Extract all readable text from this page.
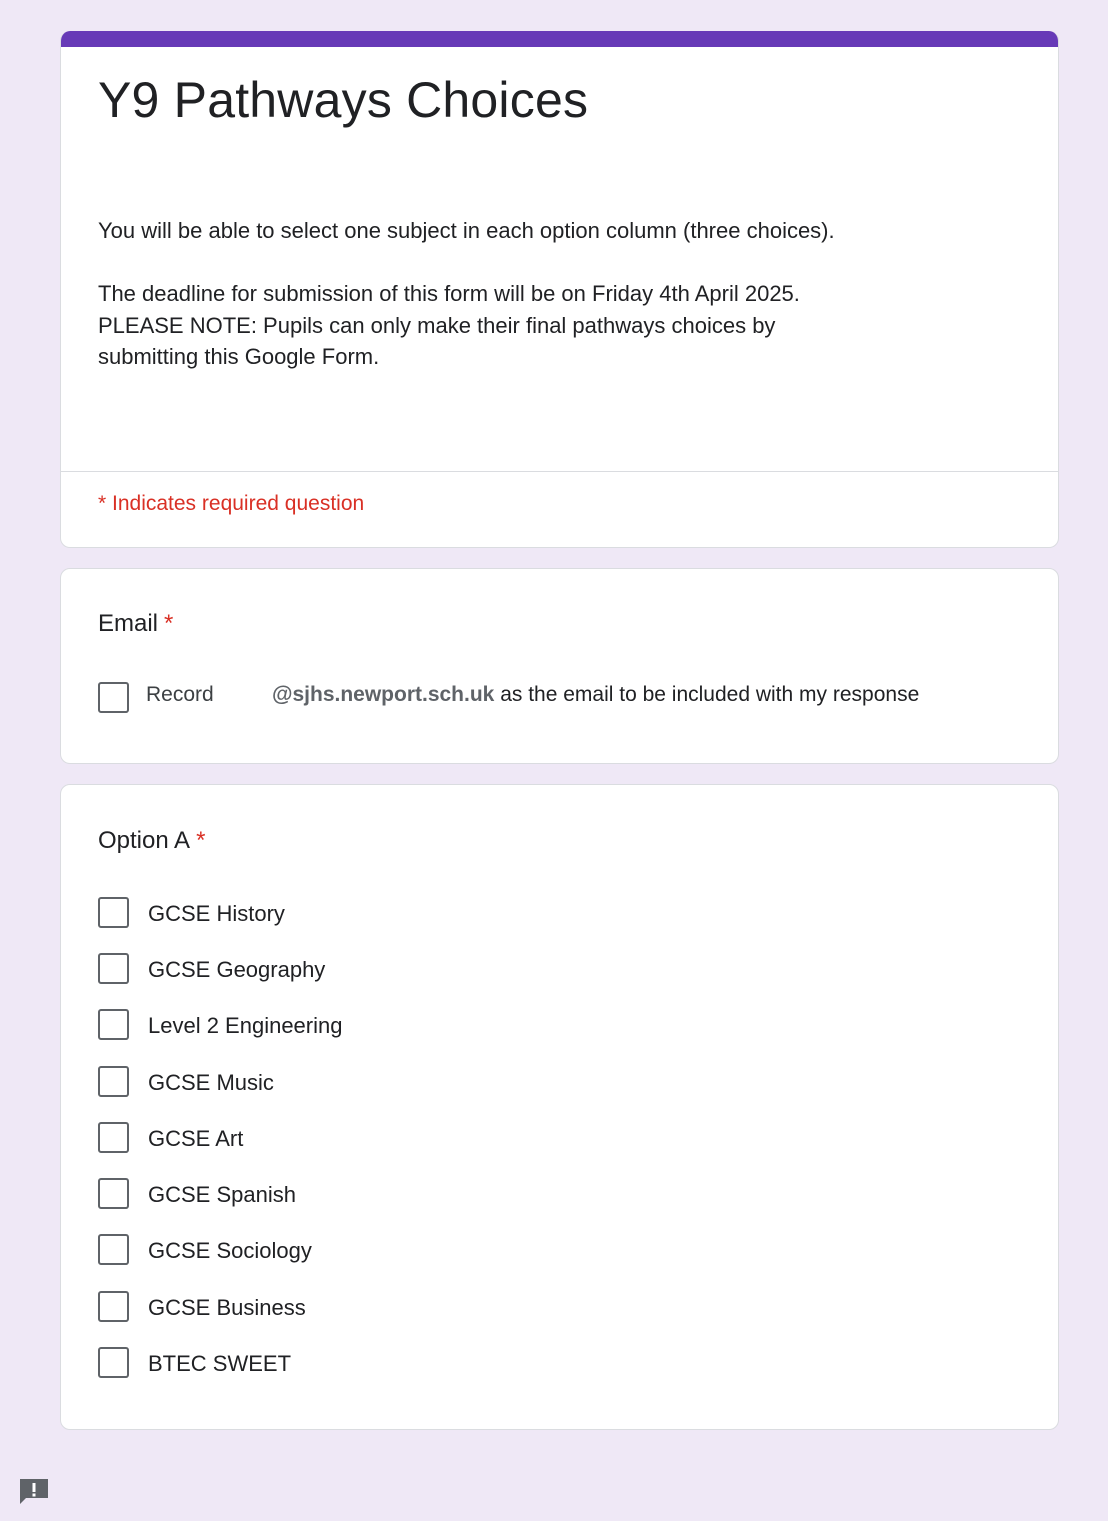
Y9 Pathways Choices
You will be able to select one subject in each option column (three choices).

The deadline for submission of this form will be on Friday 4th April 2025. PLEASE NOTE: Pupils can only make their final pathways choices by submitting this Google Form.
* Indicates required question
Email *
Record	@sjhs.newport.sch.uk as the email to be included with my response
Option A *
GCSE History
GCSE Geography
Level 2 Engineering
GCSE Music
GCSE Art
GCSE Spanish
GCSE Sociology
GCSE Business
BTEC SWEET
